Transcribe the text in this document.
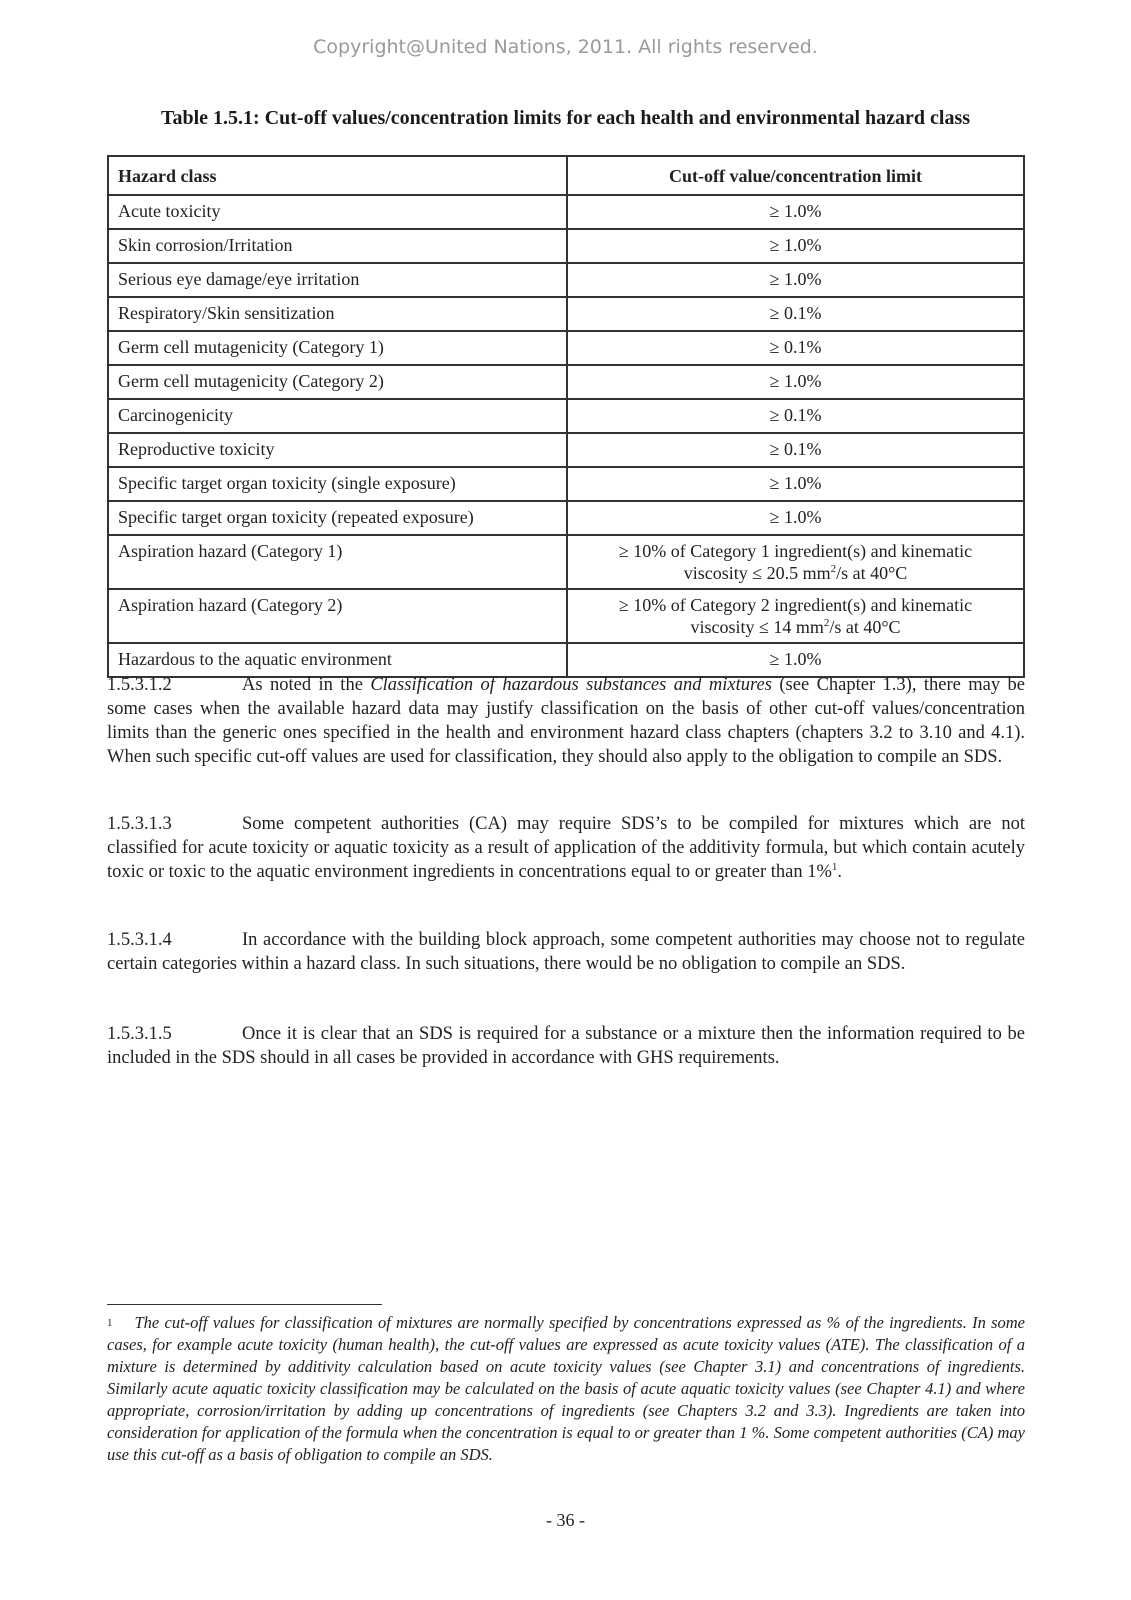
Copyright@United Nations, 2011. All rights reserved.
Table 1.5.1: Cut-off values/concentration limits for each health and environmental hazard class
Hazard class	Cut-off value/concentration limit
Acute toxicity	≥ 1.0%
Skin corrosion/Irritation	≥ 1.0%
Serious eye damage/eye irritation	≥ 1.0%
Respiratory/Skin sensitization	≥ 0.1%
Germ cell mutagenicity (Category 1)	≥ 0.1%
Germ cell mutagenicity (Category 2)	≥ 1.0%
Carcinogenicity	≥ 0.1%
Reproductive toxicity	≥ 0.1%
Specific target organ toxicity (single exposure)	≥ 1.0%
Specific target organ toxicity (repeated exposure)	≥ 1.0%
Aspiration hazard (Category 1)	≥ 10% of Category 1 ingredient(s) and kinematic
viscosity ≤ 20.5 $mm^2/s$ at 40°C
Aspiration hazard (Category 2)	≥ 10% of Category 2 ingredient(s) and kinematic
viscosity ≤ 14 $mm^2/s$ at 40°C
Hazardous to the aquatic environment	≥ 1.0%
1.5.3.1.2	As noted in the Classification of hazardous substances and mixtures (see Chapter 1.3), there may be some cases when the available hazard data may justify classification on the basis of other cut-off values/concentration limits than the generic ones specified in the health and environment hazard class chapters (chapters 3.2 to 3.10 and 4.1). When such specific cut-off values are used for classification, they should also apply to the obligation to compile an SDS.
1.5.3.1.3	Some competent authorities (CA) may require SDS’s to be compiled for mixtures which are not classified for acute toxicity or aquatic toxicity as a result of application of the additivity formula, but which contain acutely toxic or toxic to the aquatic environment ingredients in concentrations equal to or greater than 1%$^1$.
1.5.3.1.4	In accordance with the building block approach, some competent authorities may choose not to regulate certain categories within a hazard class. In such situations, there would be no obligation to compile an SDS.
1.5.3.1.5	Once it is clear that an SDS is required for a substance or a mixture then the information required to be included in the SDS should in all cases be provided in accordance with GHS requirements.
$^1$ The cut-off values for classification of mixtures are normally specified by concentrations expressed as % of the ingredients. In some cases, for example acute toxicity (human health), the cut-off values are expressed as acute toxicity values (ATE). The classification of a mixture is determined by additivity calculation based on acute toxicity values (see Chapter 3.1) and concentrations of ingredients. Similarly acute aquatic toxicity classification may be calculated on the basis of acute aquatic toxicity values (see Chapter 4.1) and where appropriate, corrosion/irritation by adding up concentrations of ingredients (see Chapters 3.2 and 3.3). Ingredients are taken into consideration for application of the formula when the concentration is equal to or greater than 1 %. Some competent authorities (CA) may use this cut-off as a basis of obligation to compile an SDS.
- 36 -
